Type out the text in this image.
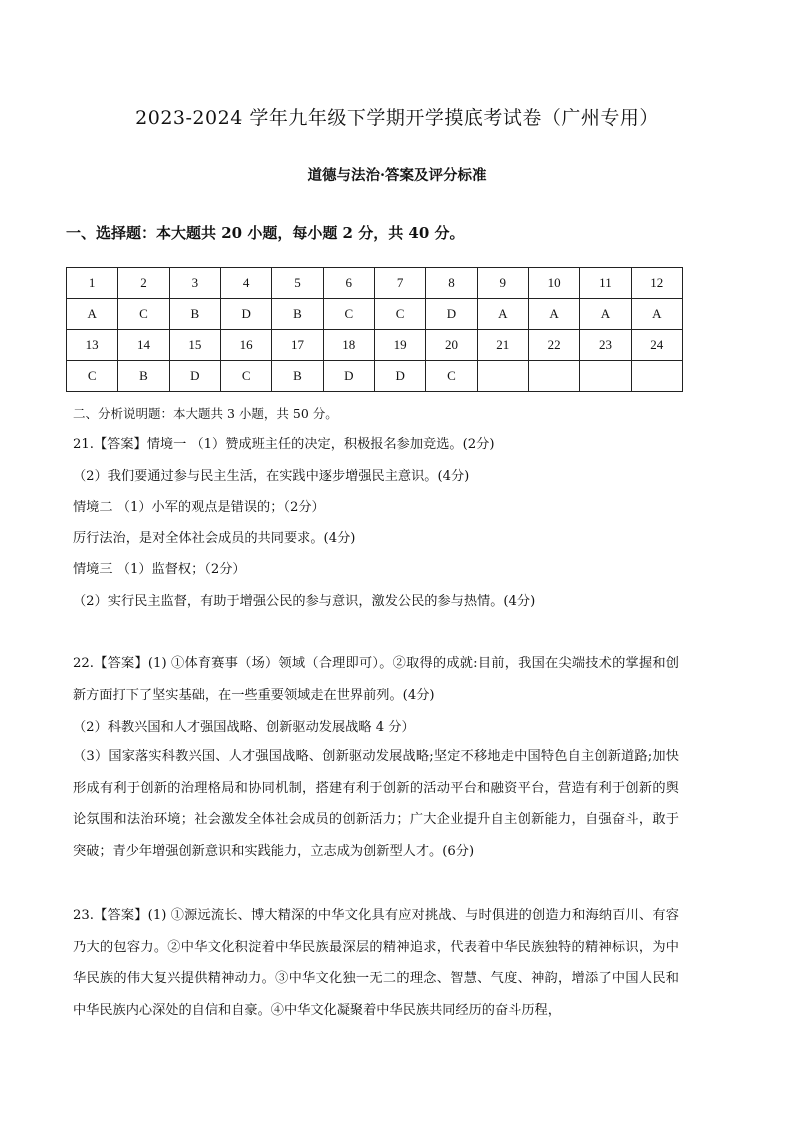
2023-2024 学年九年级下学期开学摸底考试卷（广州专用）
道德与法治·答案及评分标准
一、选择题：本大题共 20 小题，每小题 2 分，共 40 分。
1	2	3	4	5	6	7	8	9	10	11	12
A	C	B	D	B	C	C	D	A	A	A	A
13	14	15	16	17	18	19	20	21	22	23	24
C	B	D	C	B	D	D	C				
二、分析说明题：本大题共 3 小题，共 50 分。
21.【答案】情境一 （1）赞成班主任的决定，积极报名参加竞选。(2分)
（2）我们要通过参与民主生活，在实践中逐步增强民主意识。(4分)
情境二 （1）小军的观点是错误的；（2分）
厉行法治，是对全体社会成员的共同要求。(4分)
情境三 （1）监督权；（2分）
（2）实行民主监督，有助于增强公民的参与意识，激发公民的参与热情。(4分)
22.【答案】(1) ①体育赛事（场）领域（合理即可）。②取得的成就:目前，我国在尖端技术的掌握和创新方面打下了坚实基础，在一些重要领域走在世界前列。(4分)
（2）科教兴国和人才强国战略、创新驱动发展战略 4 分）
（3）国家落实科教兴国、人才强国战略、创新驱动发展战略;坚定不移地走中国特色自主创新道路;加快形成有利于创新的治理格局和协同机制，搭建有利于创新的活动平台和融资平台，营造有利于创新的舆论氛围和法治环境；社会激发全体社会成员的创新活力；广大企业提升自主创新能力，自强奋斗，敢于突破；青少年增强创新意识和实践能力，立志成为创新型人才。(6分)
23.【答案】(1) ①源远流长、博大精深的中华文化具有应对挑战、与时俱进的创造力和海纳百川、有容乃大的包容力。②中华文化积淀着中华民族最深层的精神追求，代表着中华民族独特的精神标识，为中华民族的伟大复兴提供精神动力。③中华文化独一无二的理念、智慧、气度、神韵，增添了中国人民和中华民族内心深处的自信和自豪。④中华文化凝聚着中华民族共同经历的奋斗历程，
